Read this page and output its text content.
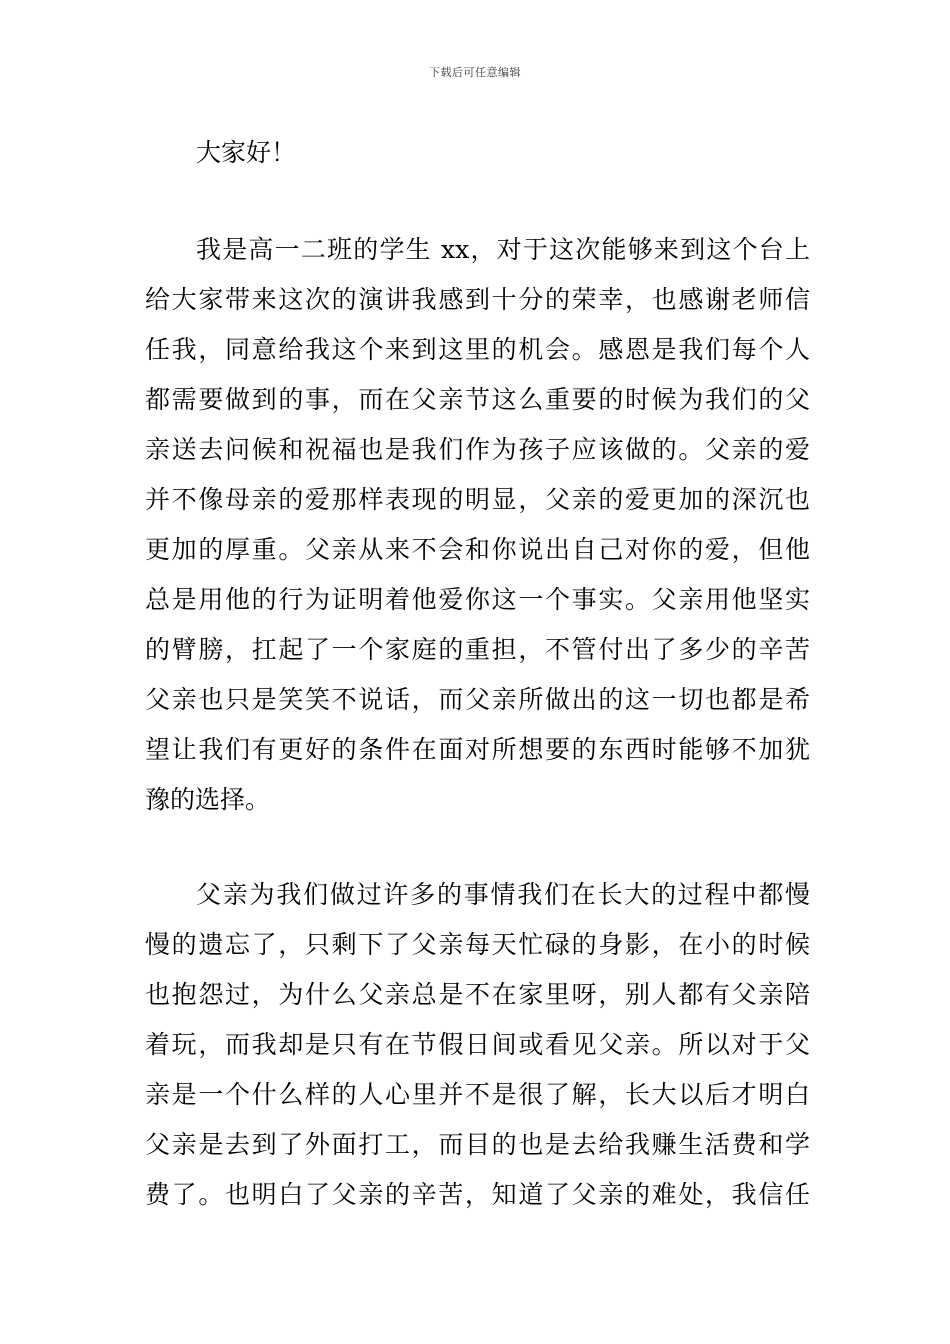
下载后可任意编辑
大家好！
我是高一二班的学生 xx，对于这次能够来到这个台上
给大家带来这次的演讲我感到十分的荣幸，也感谢老师信
任我，同意给我这个来到这里的机会。感恩是我们每个人
都需要做到的事，而在父亲节这么重要的时候为我们的父
亲送去问候和祝福也是我们作为孩子应该做的。父亲的爱
并不像母亲的爱那样表现的明显，父亲的爱更加的深沉也
更加的厚重。父亲从来不会和你说出自己对你的爱，但他
总是用他的行为证明着他爱你这一个事实。父亲用他坚实
的臂膀，扛起了一个家庭的重担，不管付出了多少的辛苦
父亲也只是笑笑不说话，而父亲所做出的这一切也都是希
望让我们有更好的条件在面对所想要的东西时能够不加犹
豫的选择。
父亲为我们做过许多的事情我们在长大的过程中都慢
慢的遗忘了，只剩下了父亲每天忙碌的身影，在小的时候
也抱怨过，为什么父亲总是不在家里呀，别人都有父亲陪
着玩，而我却是只有在节假日间或看见父亲。所以对于父
亲是一个什么样的人心里并不是很了解，长大以后才明白
父亲是去到了外面打工，而目的也是去给我赚生活费和学
费了。也明白了父亲的辛苦，知道了父亲的难处，我信任
